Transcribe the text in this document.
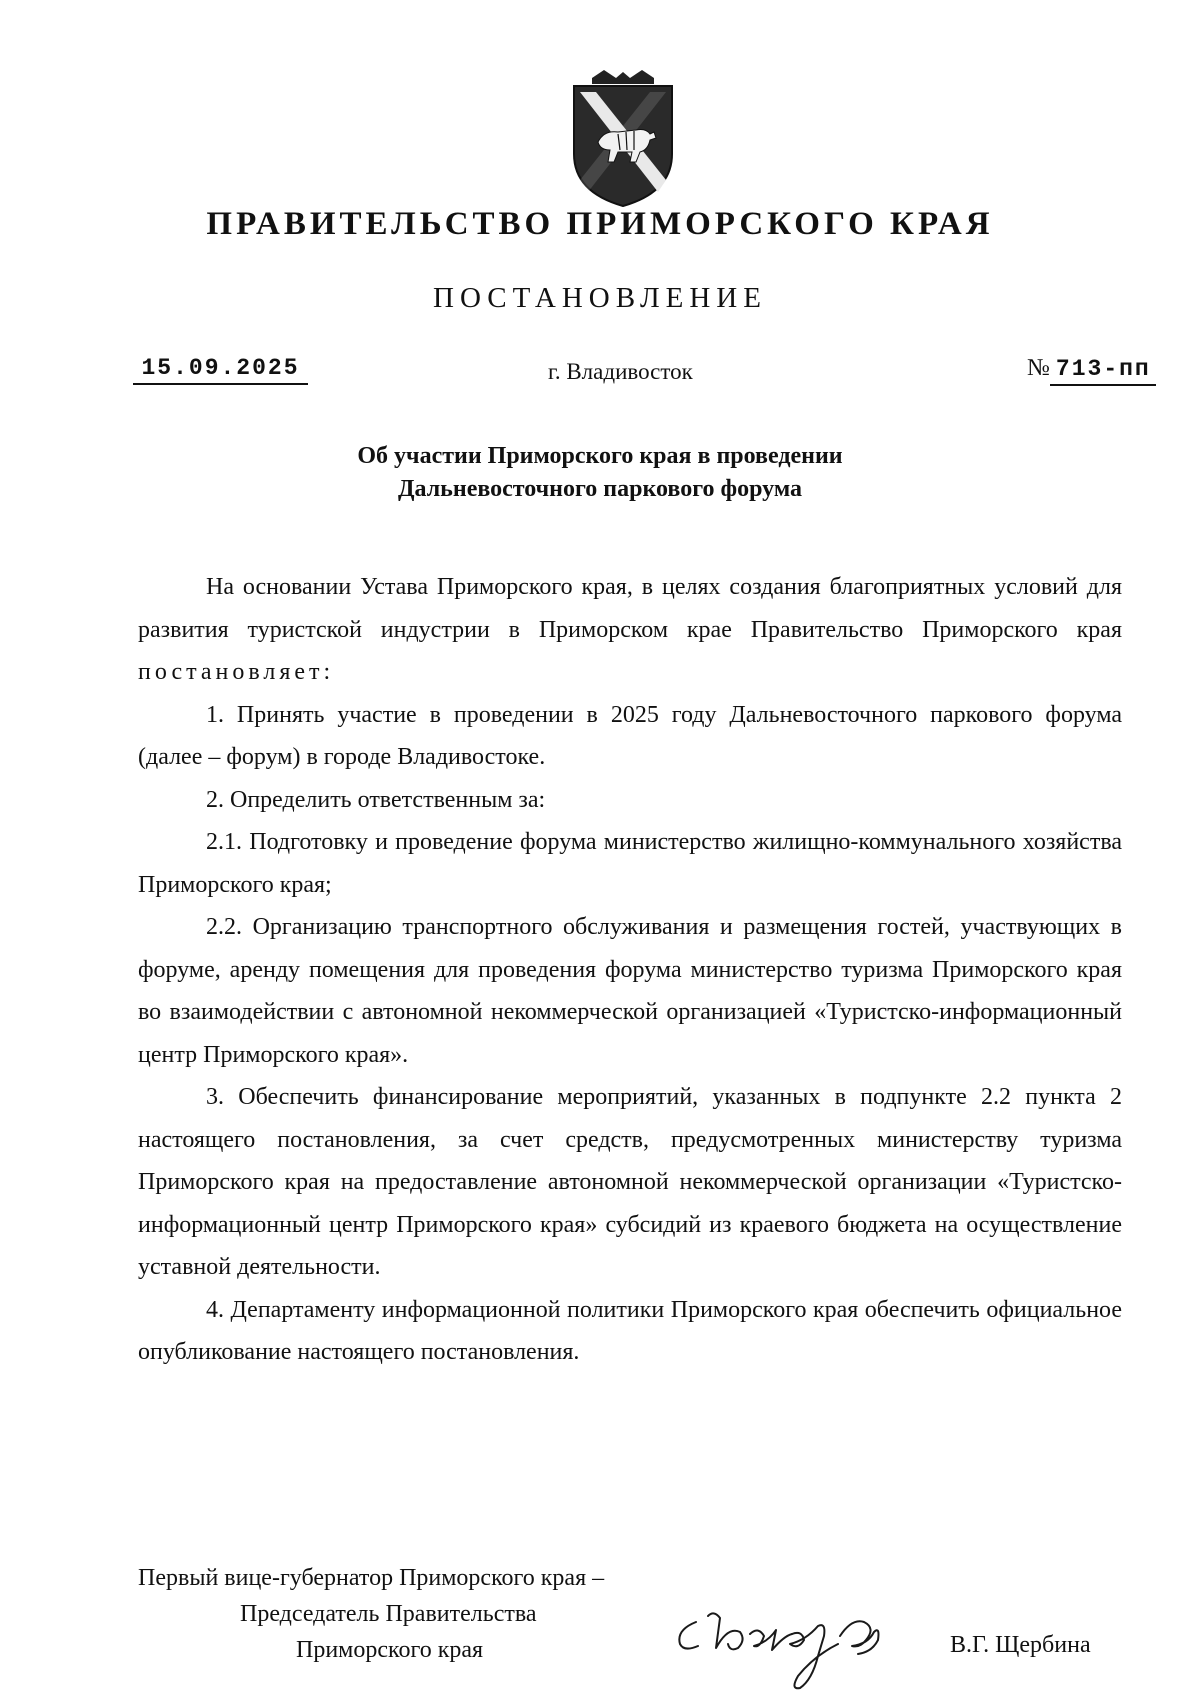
ПРАВИТЕЛЬСТВО ПРИМОРСКОГО КРАЯ
ПОСТАНОВЛЕНИЕ
15.09.2025	г. Владивосток	№ 713-пп
Об участии Приморского края в проведении
Дальневосточного паркового форума

На основании Устава Приморского края, в целях создания благоприятных условий для развития туристской индустрии в Приморском крае Правительство Приморского края постановляет:

1. Принять участие в проведении в 2025 году Дальневосточного паркового форума (далее – форум) в городе Владивостоке.

2. Определить ответственным за:

2.1. Подготовку и проведение форума министерство жилищно-коммунального хозяйства Приморского края;

2.2. Организацию транспортного обслуживания и размещения гостей, участвующих в форуме, аренду помещения для проведения форума министерство туризма Приморского края во взаимодействии с автономной некоммерческой организацией «Туристско-информационный центр Приморского края».

3. Обеспечить финансирование мероприятий, указанных в подпункте 2.2 пункта 2 настоящего постановления, за счет средств, предусмотренных министерству туризма Приморского края на предоставление автономной некоммерческой организации «Туристско-информационный центр Приморского края» субсидий из краевого бюджета на осуществление уставной деятельности.

4. Департаменту информационной политики Приморского края обеспечить официальное опубликование настоящего постановления.

Первый вице-губернатор Приморского края –
Председатель Правительства
Приморского края	В.Г. Щербина
